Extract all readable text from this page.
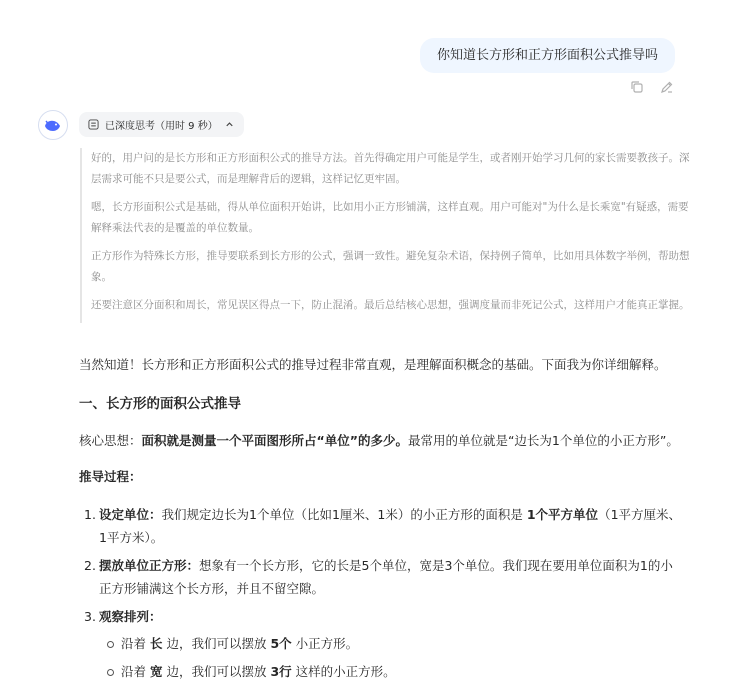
你知道长方形和正方形面积公式推导吗
已深度思考（用时 9 秒）

好的，用户问的是长方形和正方形面积公式的推导方法。首先得确定用户可能是学生，或者刚开始学习几何的家长需要教孩子。深层需求可能不只是要公式，而是理解背后的逻辑，这样记忆更牢固。

嗯，长方形面积公式是基础，得从单位面积开始讲，比如用小正方形铺满，这样直观。用户可能对"为什么是长乘宽"有疑惑，需要解释乘法代表的是覆盖的单位数量。

正方形作为特殊长方形，推导要联系到长方形的公式，强调一致性。避免复杂术语，保持例子简单，比如用具体数字举例，帮助想象。

还要注意区分面积和周长，常见误区得点一下，防止混淆。最后总结核心思想，强调度量而非死记公式，这样用户才能真正掌握。

当然知道！长方形和正方形面积公式的推导过程非常直观，是理解面积概念的基础。下面我为你详细解释。

一、长方形的面积公式推导

核心思想：面积就是测量一个平面图形所占“单位”的多少。最常用的单位就是“边长为1个单位的小正方形”。

推导过程：

1. 设定单位：我们规定边长为1个单位（比如1厘米、1米）的小正方形的面积是 1个平方单位（1平方厘米、1平方米）。
2. 摆放单位正方形：想象有一个长方形，它的长是5个单位，宽是3个单位。我们现在要用单位面积为1的小正方形铺满这个长方形，并且不留空隙。
3. 观察排列：
沿着 长 边，我们可以摆放 5个 小正方形。
沿着 宽 边，我们可以摆放 3行 这样的小正方形。
